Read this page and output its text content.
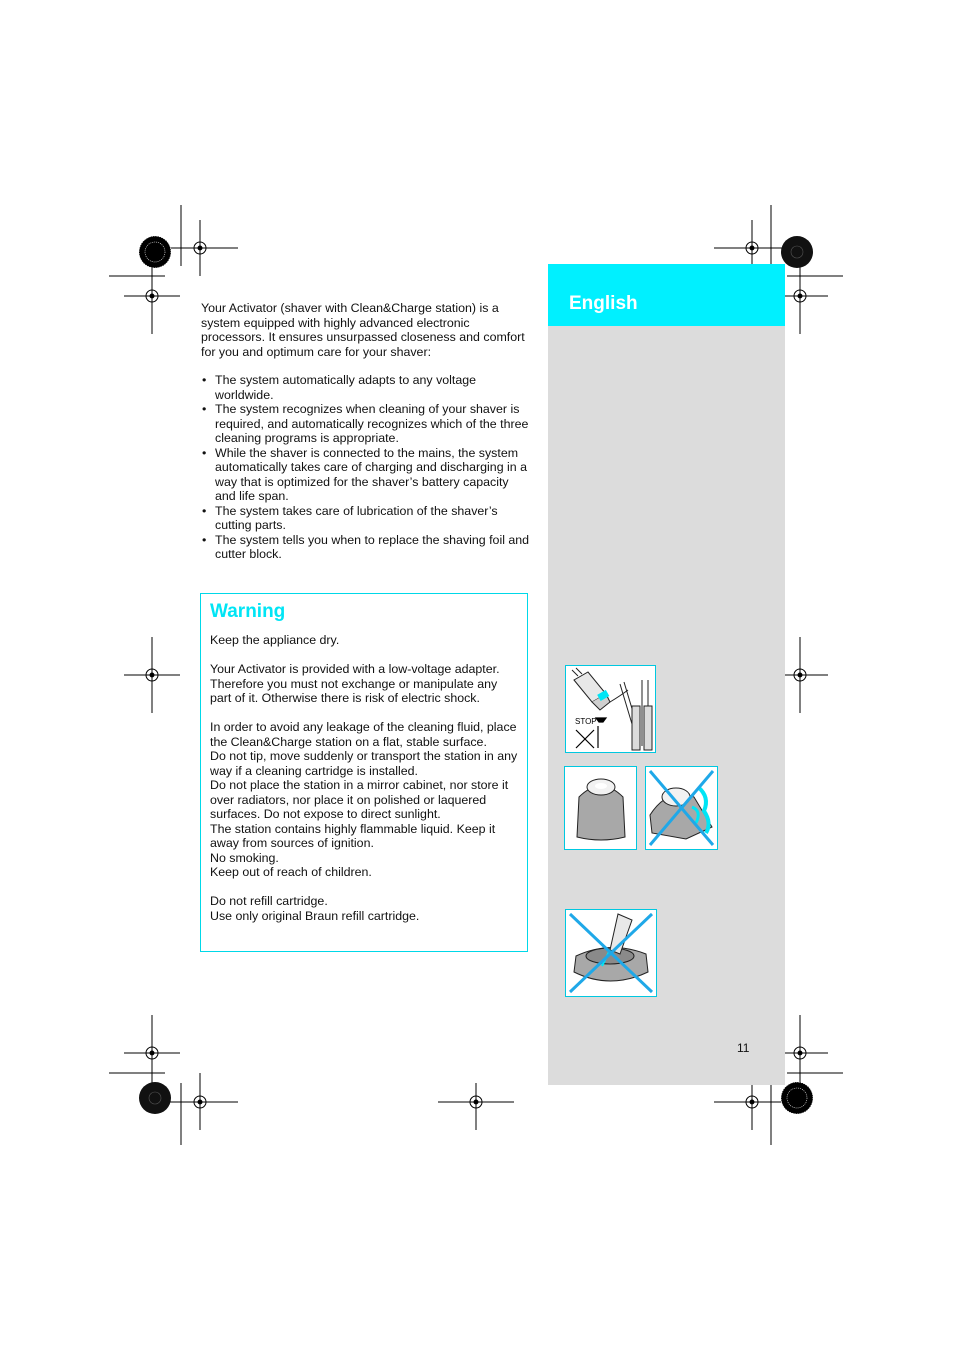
English
Your Activator (shaver with Clean&Charge station) is a system equipped with highly advanced electronic processors. It ensures unsurpassed closeness and comfort for you and optimum care for your shaver:
• The system automatically adapts to any voltage worldwide.
• The system recognizes when cleaning of your shaver is required, and automatically recognizes which of the three cleaning programs is appropriate.
• While the shaver is connected to the mains, the system automatically takes care of charging and discharging in a way that is optimized for the shaver’s battery capacity and life span.
• The system takes care of lubrication of the shaver’s cutting parts.
• The system tells you when to replace the shaving foil and cutter block.
Warning

Keep the appliance dry.

Your Activator is provided with a low-voltage adapter. Therefore you must not exchange or manipulate any part of it. Otherwise there is risk of electric shock.

In order to avoid any leakage of the cleaning fluid, place the Clean&Charge station on a flat, stable surface.

Do not tip, move suddenly or transport the station in any way if a cleaning cartridge is installed.

Do not place the station in a mirror cabinet, nor store it over radiators, nor place it on polished or laquered surfaces. Do not expose to direct sunlight.

The station contains highly flammable liquid. Keep it away from sources of ignition.

No smoking.

Keep out of reach of children.

Do not refill cartridge.

Use only original Braun refill cartridge.

STOP
11
